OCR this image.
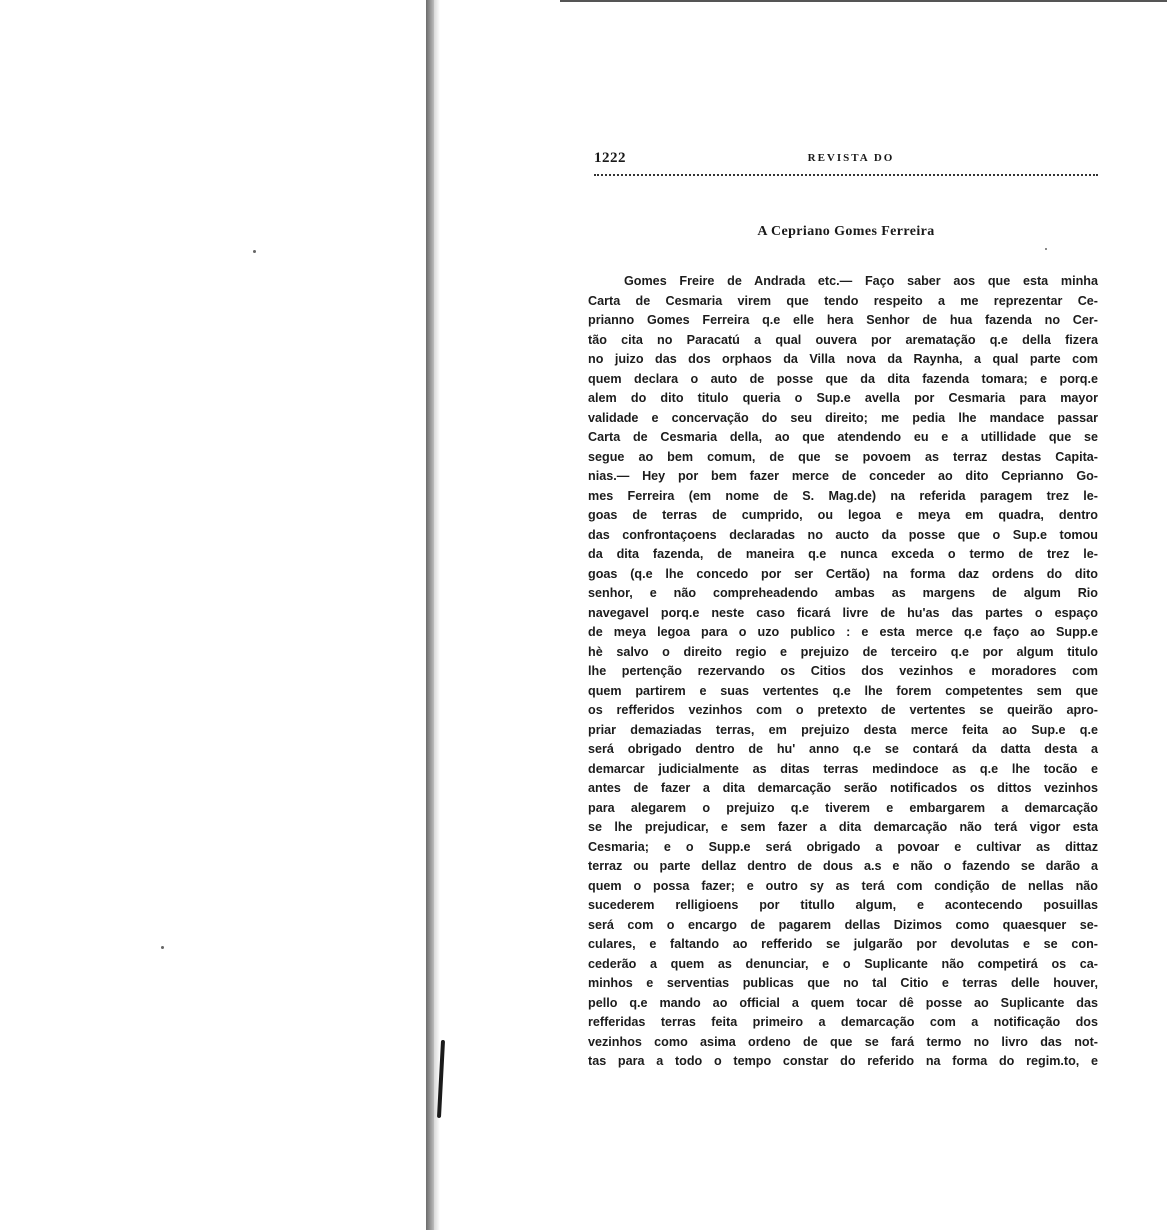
1222	REVISTA DO
A Cepriano Gomes Ferreira
Gomes Freire de Andrada etc.— Faço saber aos que esta minha
Carta de Cesmaria virem que tendo respeito a me reprezentar Ce-
prianno Gomes Ferreira q.e elle hera Senhor de hua fazenda no Cer-
tão cita no Paracatú a qual ouvera por arematação q.e della fizera
no juizo das dos orphaos da Villa nova da Raynha, a qual parte com
quem declara o auto de posse que da dita fazenda tomara; e porq.e
alem do dito titulo queria o Sup.e avella por Cesmaria para mayor
validade e concervação do seu direito; me pedia lhe mandace passar
Carta de Cesmaria della, ao que atendendo eu e a utillidade que se
segue ao bem comum, de que se povoem as terraz destas Capita-
nias.— Hey por bem fazer merce de conceder ao dito Ceprianno Go-
mes Ferreira (em nome de S. Mag.de) na referida paragem trez le-
goas de terras de cumprido, ou legoa e meya em quadra, dentro
das confrontaçoens declaradas no aucto da posse que o Sup.e tomou
da dita fazenda, de maneira q.e nunca exceda o termo de trez le-
goas (q.e lhe concedo por ser Certão) na forma daz ordens do dito
senhor, e não compreheadendo ambas as margens de algum Rio
navegavel porq.e neste caso ficará livre de hu'as das partes o espaço
de meya legoa para o uzo publico : e esta merce q.e faço ao Supp.e
hè salvo o direito regio e prejuizo de terceiro q.e por algum titulo
lhe pertenção rezervando os Citios dos vezinhos e moradores com
quem partirem e suas vertentes q.e lhe forem competentes sem que
os refferidos vezinhos com o pretexto de vertentes se queirão apro-
priar demaziadas terras, em prejuizo desta merce feita ao Sup.e q.e
será obrigado dentro de hu' anno q.e se contará da datta desta a
demarcar judicialmente as ditas terras medindoce as q.e lhe tocão e
antes de fazer a dita demarcação serão notificados os dittos vezinhos
para alegarem o prejuizo q.e tiverem e embargarem a demarcação
se lhe prejudicar, e sem fazer a dita demarcação não terá vigor esta
Cesmaria; e o Supp.e será obrigado a povoar e cultivar as dittaz
terraz ou parte dellaz dentro de dous a.s e não o fazendo se darão a
quem o possa fazer; e outro sy as terá com condição de nellas não
sucederem relligioens por titullo algum, e acontecendo posuillas
será com o encargo de pagarem dellas Dizimos como quaesquer se-
culares, e faltando ao refferido se julgarão por devolutas e se con-
cederão a quem as denunciar, e o Suplicante não competirá os ca-
minhos e serventias publicas que no tal Citio e terras delle houver,
pello q.e mando ao official a quem tocar dê posse ao Suplicante das
refferidas terras feita primeiro a demarcação com a notificação dos
vezinhos como asima ordeno de que se fará termo no livro das not-
tas para a todo o tempo constar do referido na forma do regim.to, e
